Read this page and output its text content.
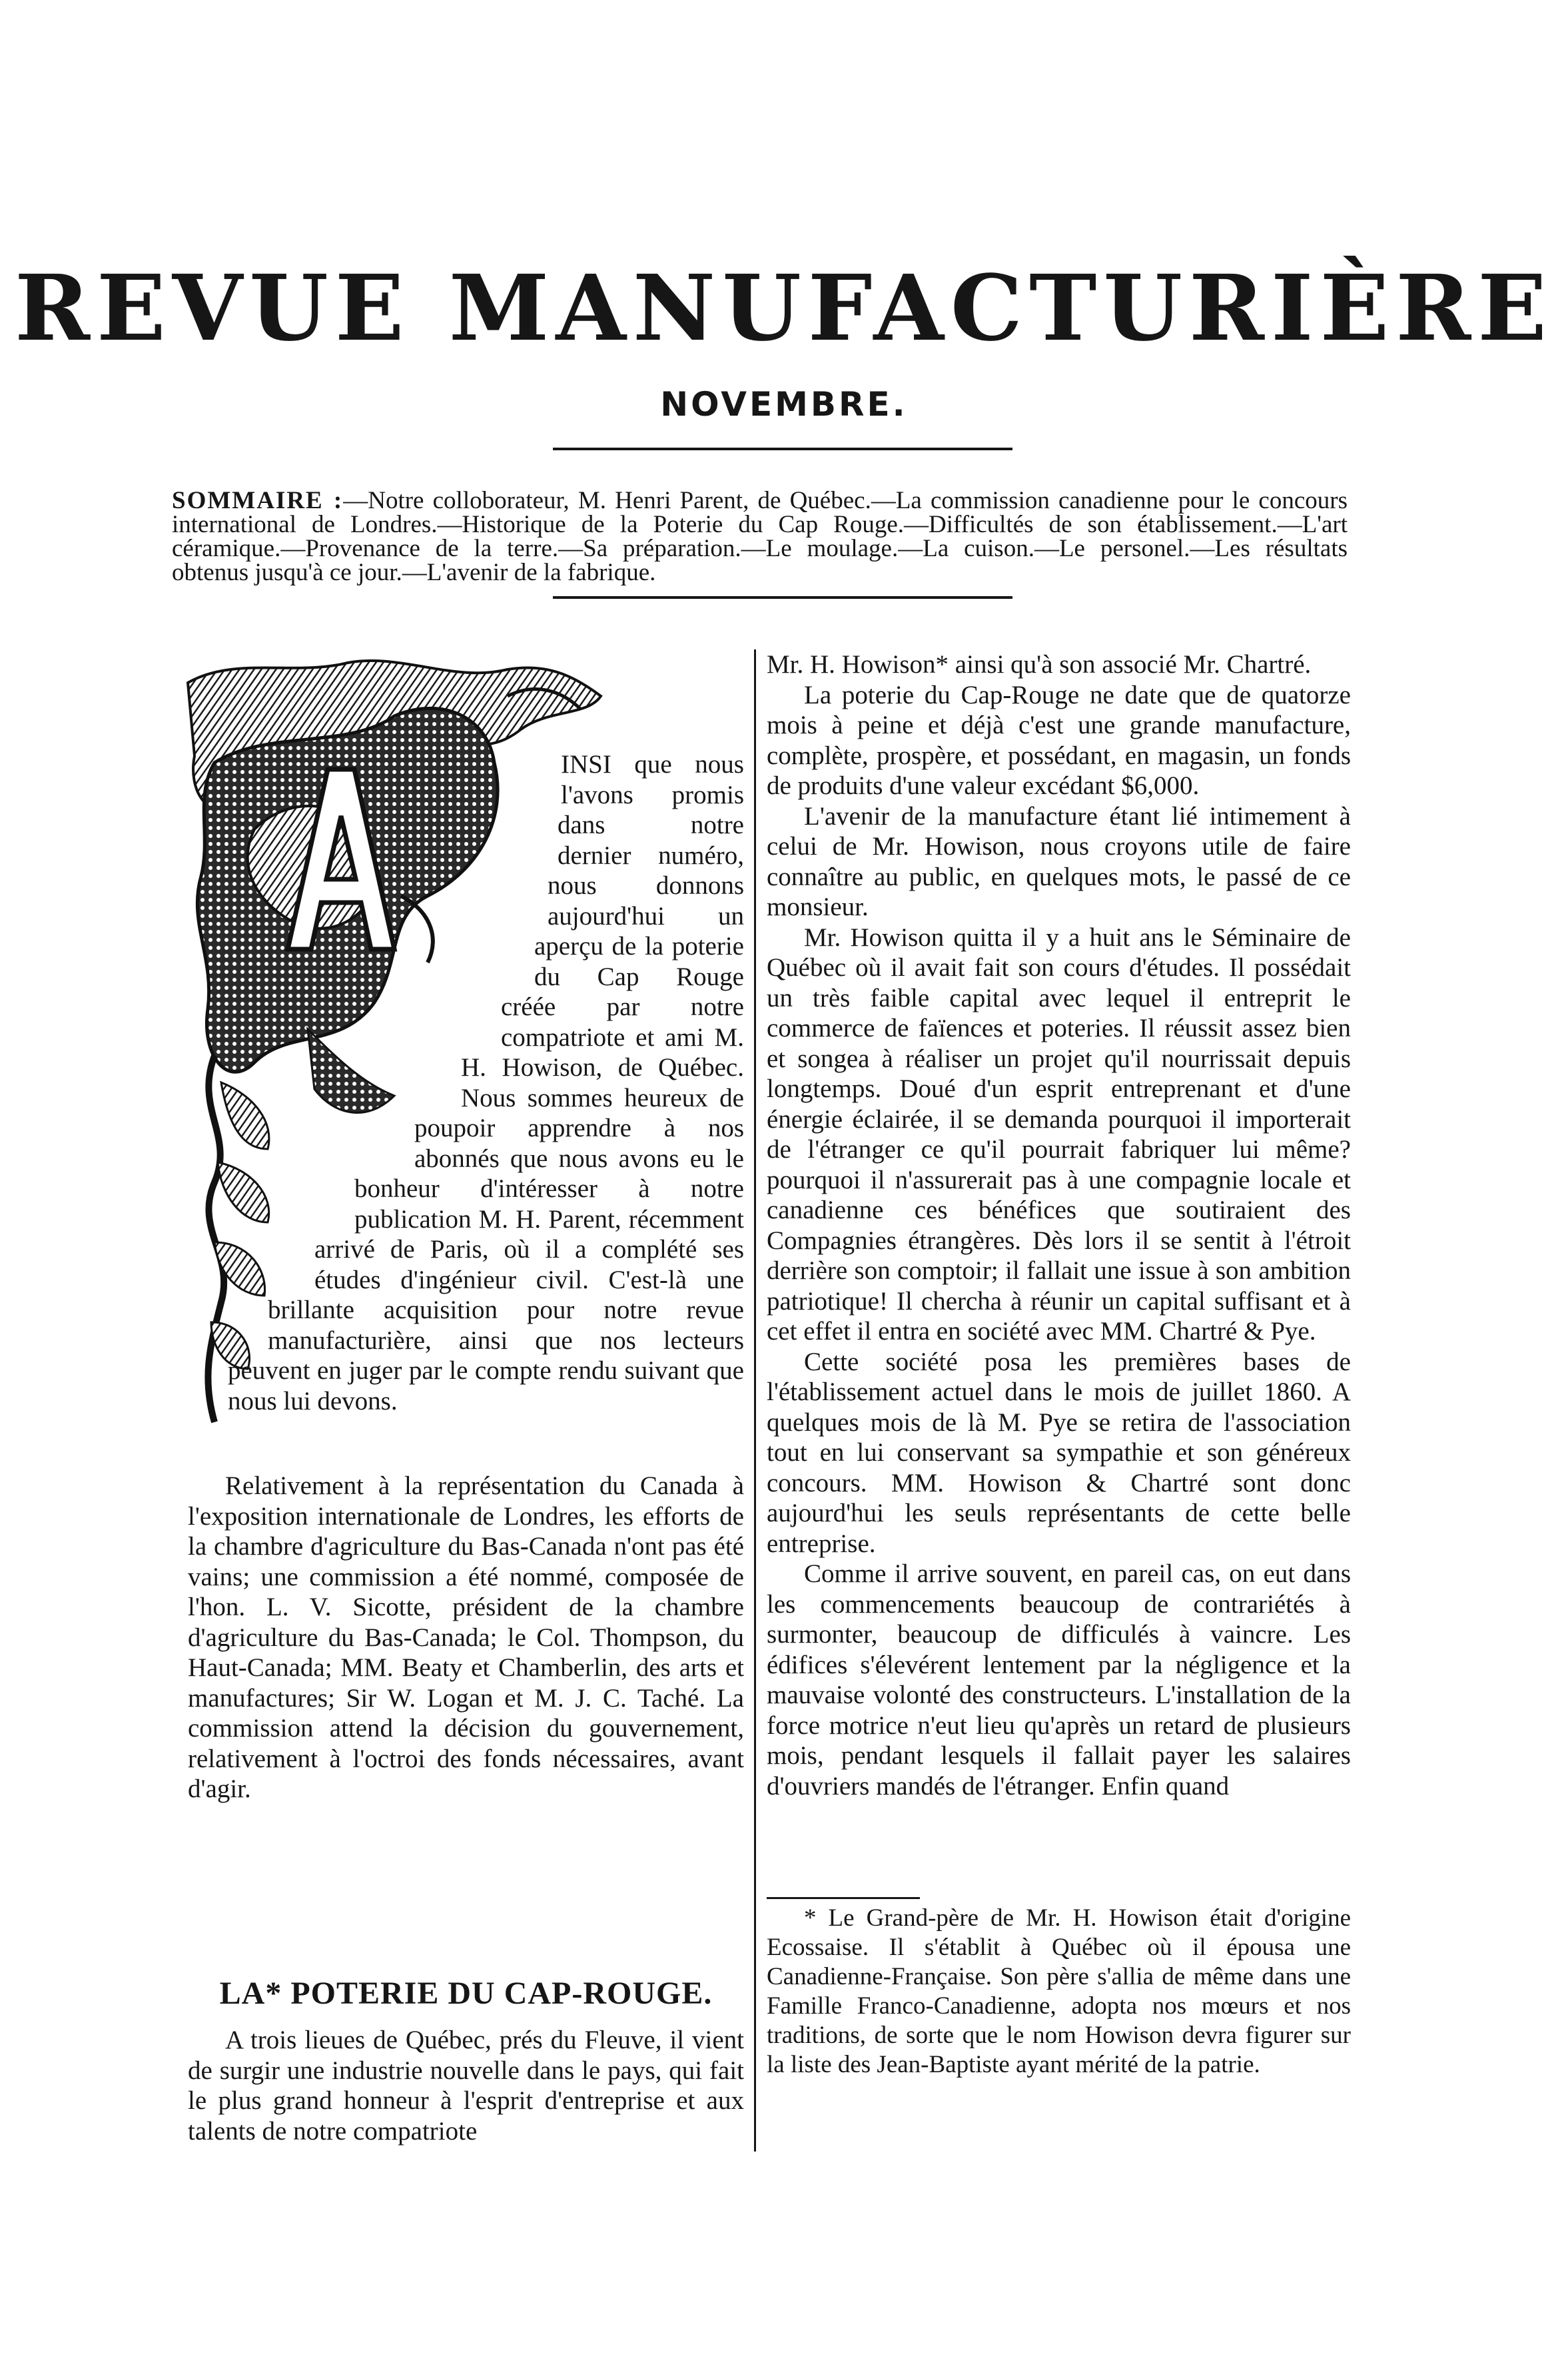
REVUE MANUFACTURIÈRE
NOVEMBRE.
SOMMAIRE :—Notre colloborateur, M. Henri Parent, de Québec.—La commission canadienne pour le concours international de Londres.—Historique de la Poterie du Cap Rouge.—Difficultés de son établissement.—L'art céramique.—Provenance de la terre.—Sa préparation.—Le moulage.—La cuison.—Le personel.—Les résultats obtenus jusqu'à ce jour.—L'avenir de la fabrique.

INSI que nous l'avons promis dans notre dernier numéro, nous donnons aujourd'hui un aperçu de la poterie du Cap Rouge créée par notre compatriote et ami M. H. Howison, de Québec. Nous sommes heureux de poupoir apprendre à nos abonnés que nous avons eu le bonheur d'intéresser à notre publication M. H. Parent, récemment arrivé de Paris, où il a complété ses études d'ingénieur civil. C'est-là une brillante acquisition pour notre revue manufacturière, ainsi que nos lecteurs peuvent en juger par le compte rendu suivant que nous lui devons.

Relativement à la représentation du Canada à l'exposition internationale de Londres, les efforts de la chambre d'agriculture du Bas-Canada n'ont pas été vains; une commission a été nommé, composée de l'hon. L. V. Sicotte, président de la chambre d'agriculture du Bas-Canada; le Col. Thompson, du Haut-Canada; MM. Beaty et Chamberlin, des arts et manufactures; Sir W. Logan et M. J. C. Taché. La commission attend la décision du gouvernement, relativement à l'octroi des fonds nécessaires, avant d'agir.

LA* POTERIE DU CAP-ROUGE.

A trois lieues de Québec, prés du Fleuve, il vient de surgir une industrie nouvelle dans le pays, qui fait le plus grand honneur à l'esprit d'entreprise et aux talents de notre compatriote

Mr. H. Howison* ainsi qu'à son associé Mr. Chartré.

La poterie du Cap-Rouge ne date que de quatorze mois à peine et déjà c'est une grande manufacture, complète, prospère, et possédant, en magasin, un fonds de produits d'une valeur excédant $6,000.

L'avenir de la manufacture étant lié intimement à celui de Mr. Howison, nous croyons utile de faire connaître au public, en quelques mots, le passé de ce monsieur.

Mr. Howison quitta il y a huit ans le Séminaire de Québec où il avait fait son cours d'études. Il possédait un très faible capital avec lequel il entreprit le commerce de faïences et poteries. Il réussit assez bien et songea à réaliser un projet qu'il nourrissait depuis longtemps. Doué d'un esprit entreprenant et d'une énergie éclairée, il se demanda pourquoi il importerait de l'étranger ce qu'il pourrait fabriquer lui même? pourquoi il n'assurerait pas à une compagnie locale et canadienne ces bénéfices que soutiraient des Compagnies étrangères. Dès lors il se sentit à l'étroit derrière son comptoir; il fallait une issue à son ambition patriotique! Il chercha à réunir un capital suffisant et à cet effet il entra en société avec MM. Chartré & Pye.

Cette société posa les premières bases de l'établissement actuel dans le mois de juillet 1860. A quelques mois de là M. Pye se retira de l'association tout en lui conservant sa sympathie et son généreux concours. MM. Howison & Chartré sont donc aujourd'hui les seuls représentants de cette belle entreprise.

Comme il arrive souvent, en pareil cas, on eut dans les commencements beaucoup de contrariétés à surmonter, beaucoup de difficulés à vaincre. Les édifices s'élevérent lentement par la négligence et la mauvaise volonté des constructeurs. L'installation de la force motrice n'eut lieu qu'après un retard de plusieurs mois, pendant lesquels il fallait payer les salaires d'ouvriers mandés de l'étranger. Enfin quand

* Le Grand-père de Mr. H. Howison était d'origine Ecossaise. Il s'établit à Québec où il épousa une Canadienne-Française. Son père s'allia de même dans une Famille Franco-Canadienne, adopta nos mœurs et nos traditions, de sorte que le nom Howison devra figurer sur la liste des Jean-Baptiste ayant mérité de la patrie.
